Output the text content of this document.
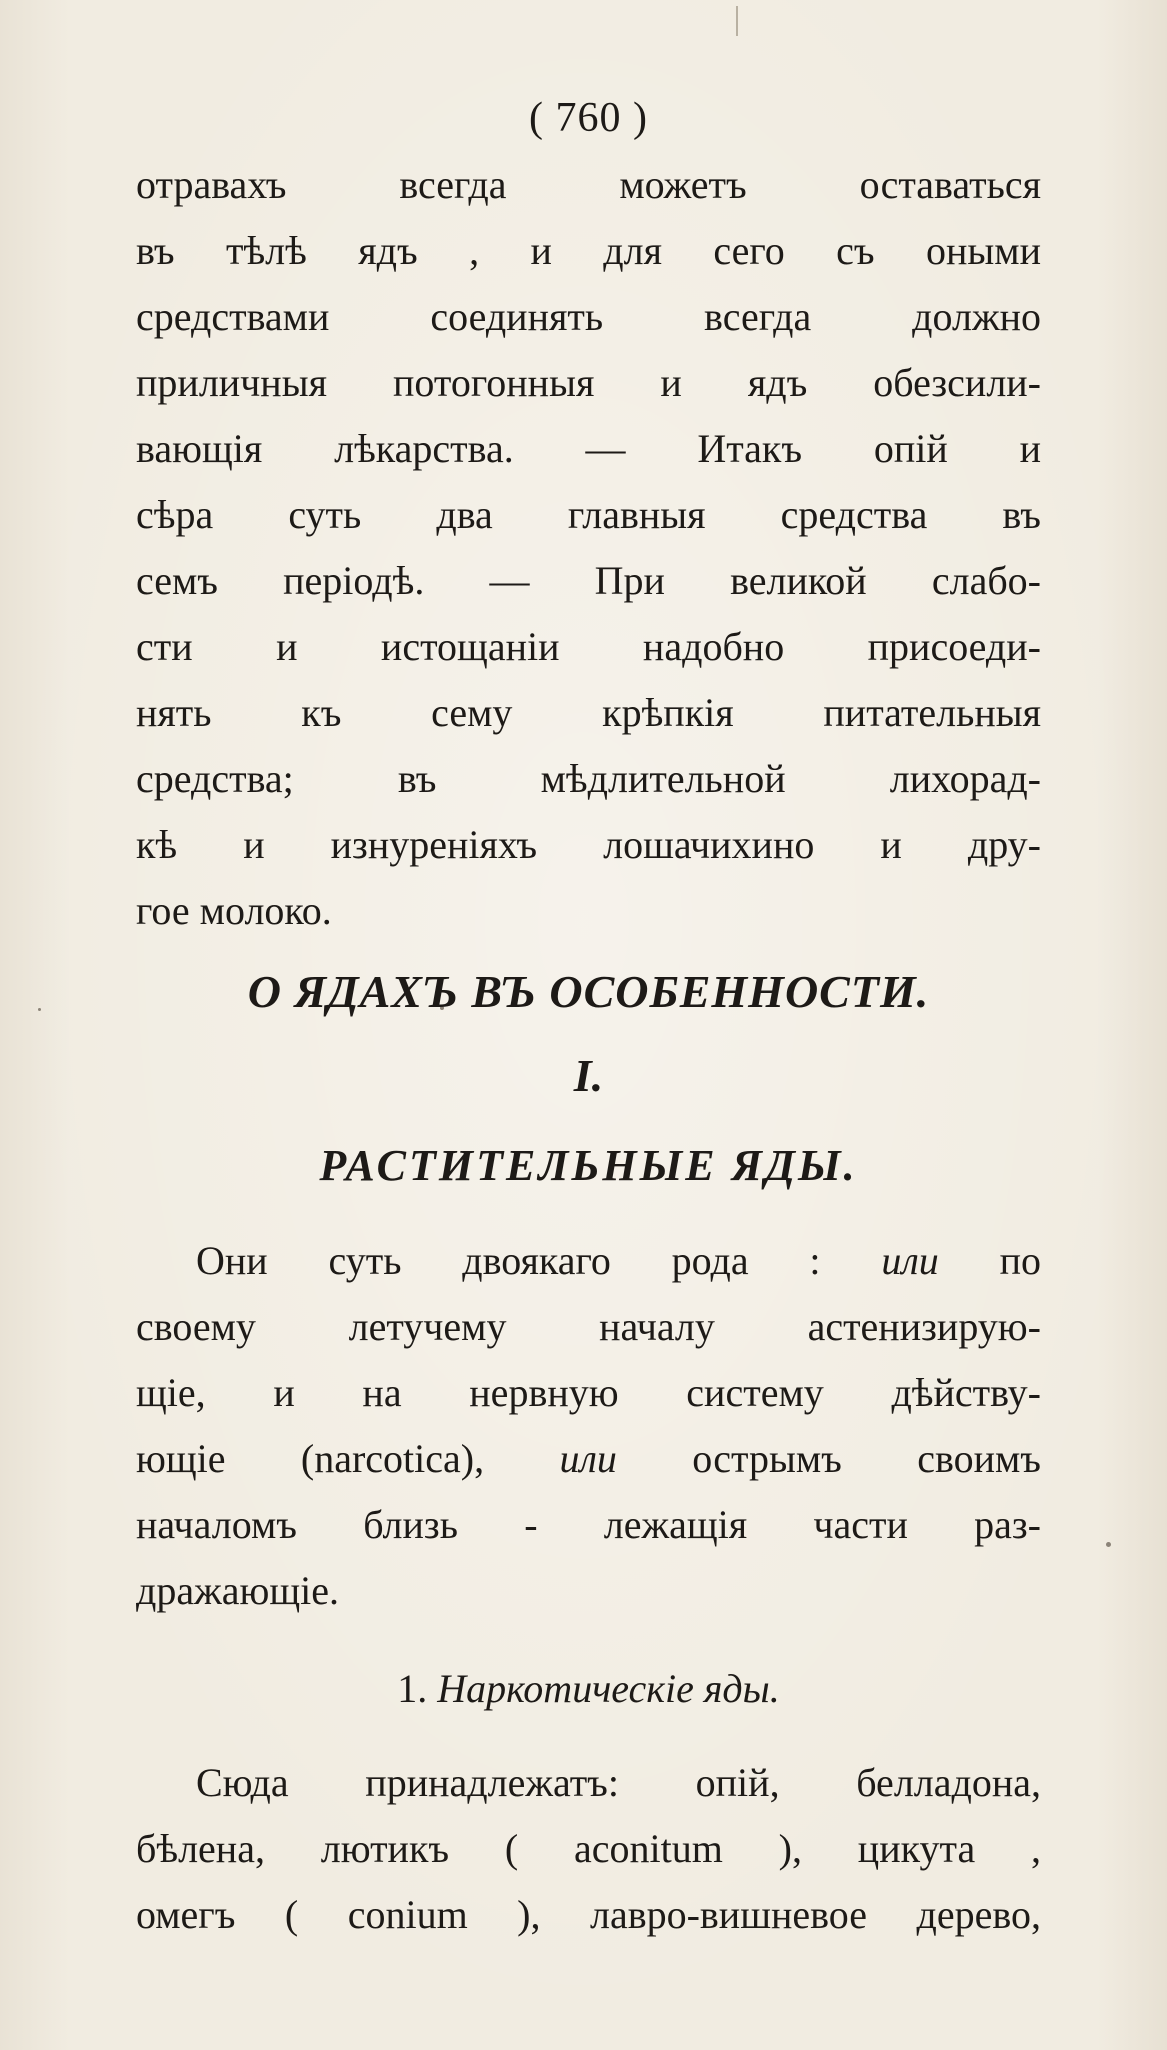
( 760 )
отравахъ всегда можетъ оставаться
въ тѣлѣ ядъ , и для сего съ оными
средствами соединять всегда должно
приличныя потогонныя и ядъ обезсили-
вающія лѣкарства. — Итакъ опій и
сѣра суть два главныя средства въ
семъ періодѣ. — При великой слабо-
сти и истощаніи надобно присоеди-
нять къ сему крѣпкія питательныя
средства; въ мѣдлительной лихорад-
кѣ и изнуреніяхъ лошачихино и дру-
гое молоко.
О ЯДАХЪ ВЪ ОСОБЕННОСТИ.
I.
РАСТИТЕЛЬНЫЕ ЯДЫ.
Они суть двоякаго рода : или по
своему летучему началу астенизирую-
щіе, и на нервную систему дѣйству-
ющіе (narcotica), или острымъ своимъ
началомъ близь - лежащія части раз-
дражающіе.
1. Наркотическіе яды.
Сюда принадлежатъ: опій, белладона,
бѣлена, лютикъ ( aconitum ), цикута ,
омегъ ( conium ), лавро-вишневое дерево,
